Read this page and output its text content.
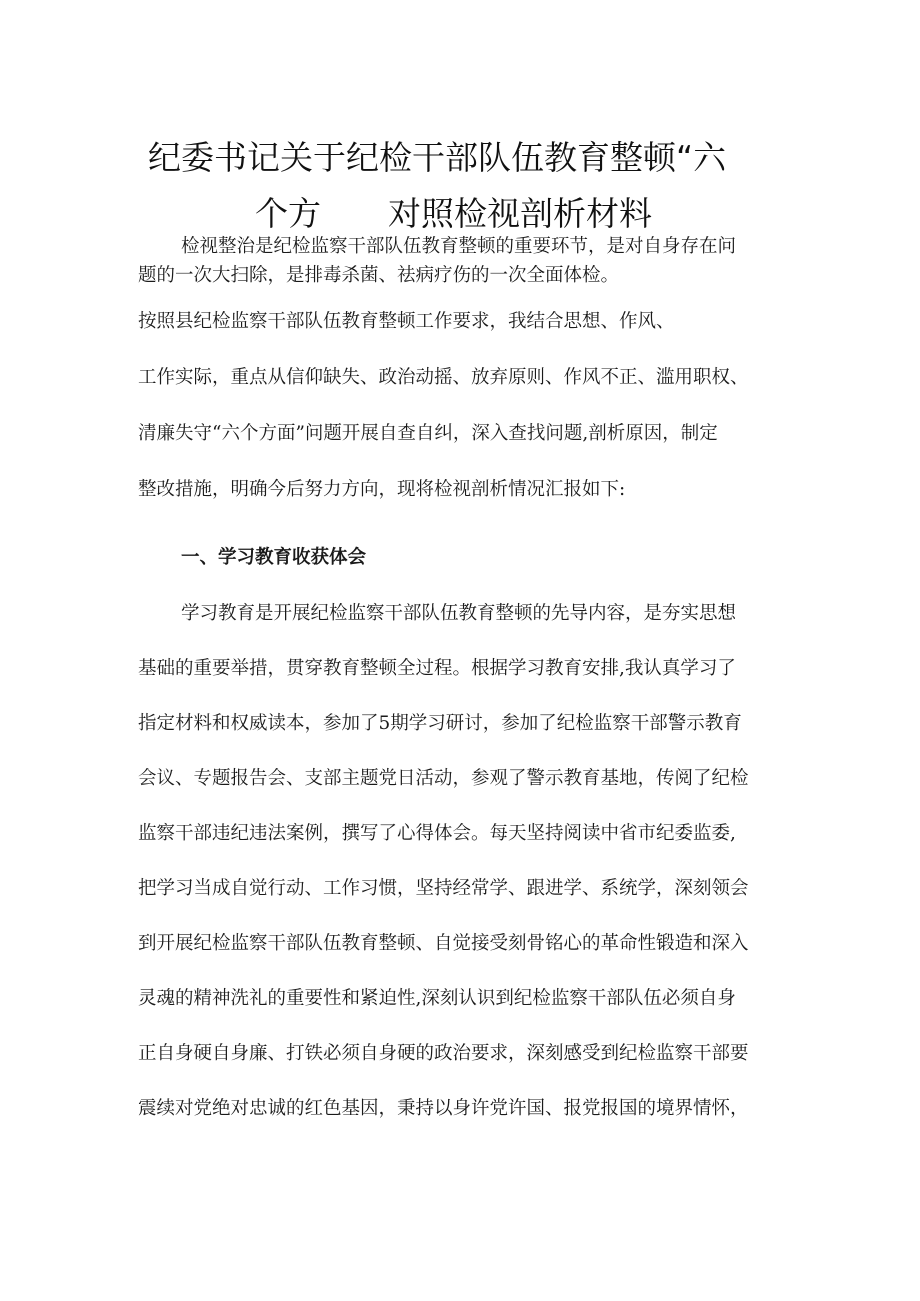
纪委书记关于纪检干部队伍教育整顿“六
个方 对照检视剖析材料
检视整治是纪检监察干部队伍教育整顿的重要环节，是对自身存在问
题的一次大扫除，是排毒杀菌、祛病疗伤的一次全面体检。
按照县纪检监察干部队伍教育整顿工作要求，我结合思想、作风、
工作实际，重点从信仰缺失、政治动摇、放弃原则、作风不正、滥用职权、
清廉失守“六个方面”问题开展自查自纠，深入查找问题,剖析原因，制定
整改措施，明确今后努力方向，现将检视剖析情况汇报如下:
一、学习教育收获体会
学习教育是开展纪检监察干部队伍教育整顿的先导内容，是夯实思想
基础的重要举措，贯穿教育整顿全过程。根据学习教育安排,我认真学习了
指定材料和权威读本，参加了5期学习研讨，参加了纪检监察干部警示教育
会议、专题报告会、支部主题党日活动，参观了警示教育基地，传阅了纪检
监察干部违纪违法案例，撰写了心得体会。每天坚持阅读中省市纪委监委,
把学习当成自觉行动、工作习惯，坚持经常学、跟进学、系统学，深刻领会
到开展纪检监察干部队伍教育整顿、自觉接受刻骨铭心的革命性锻造和深入
灵魂的精神洗礼的重要性和紧迫性,深刻认识到纪检监察干部队伍必须自身
正自身硬自身廉、打铁必须自身硬的政治要求，深刻感受到纪检监察干部要
震续对党绝对忠诚的红色基因，秉持以身许党许国、报党报国的境界情怀，
